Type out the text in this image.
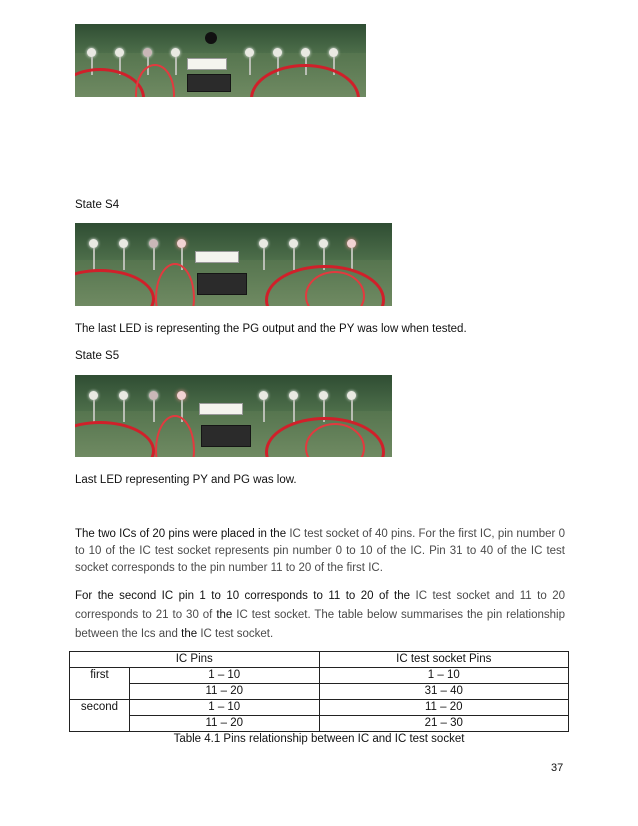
State S4
The last LED is representing the PG output and the PY was low when tested.
State S5
Last LED representing PY and PG was low.

The two ICs of 20 pins were placed in the IC test socket of 40 pins. For the first IC, pin number 0 to 10 of the IC test socket represents pin number 0 to 10 of the IC. Pin 31 to 40 of the IC test socket corresponds to the pin number 11 to 20 of the first IC.

For the second IC pin 1 to 10 corresponds to 11 to 20 of the IC test socket and 11 to 20 corresponds to 21 to 30 of the IC test socket. The table below summarises the pin relationship between the Ics and the IC test socket.

IC Pins		IC test socket Pins
first	1 – 10	1 – 10
	11 – 20	31 – 40
second	1 – 10	11 – 20
	11 – 20	21 – 30
Table 4.1 Pins relationship between IC and IC test socket
37
